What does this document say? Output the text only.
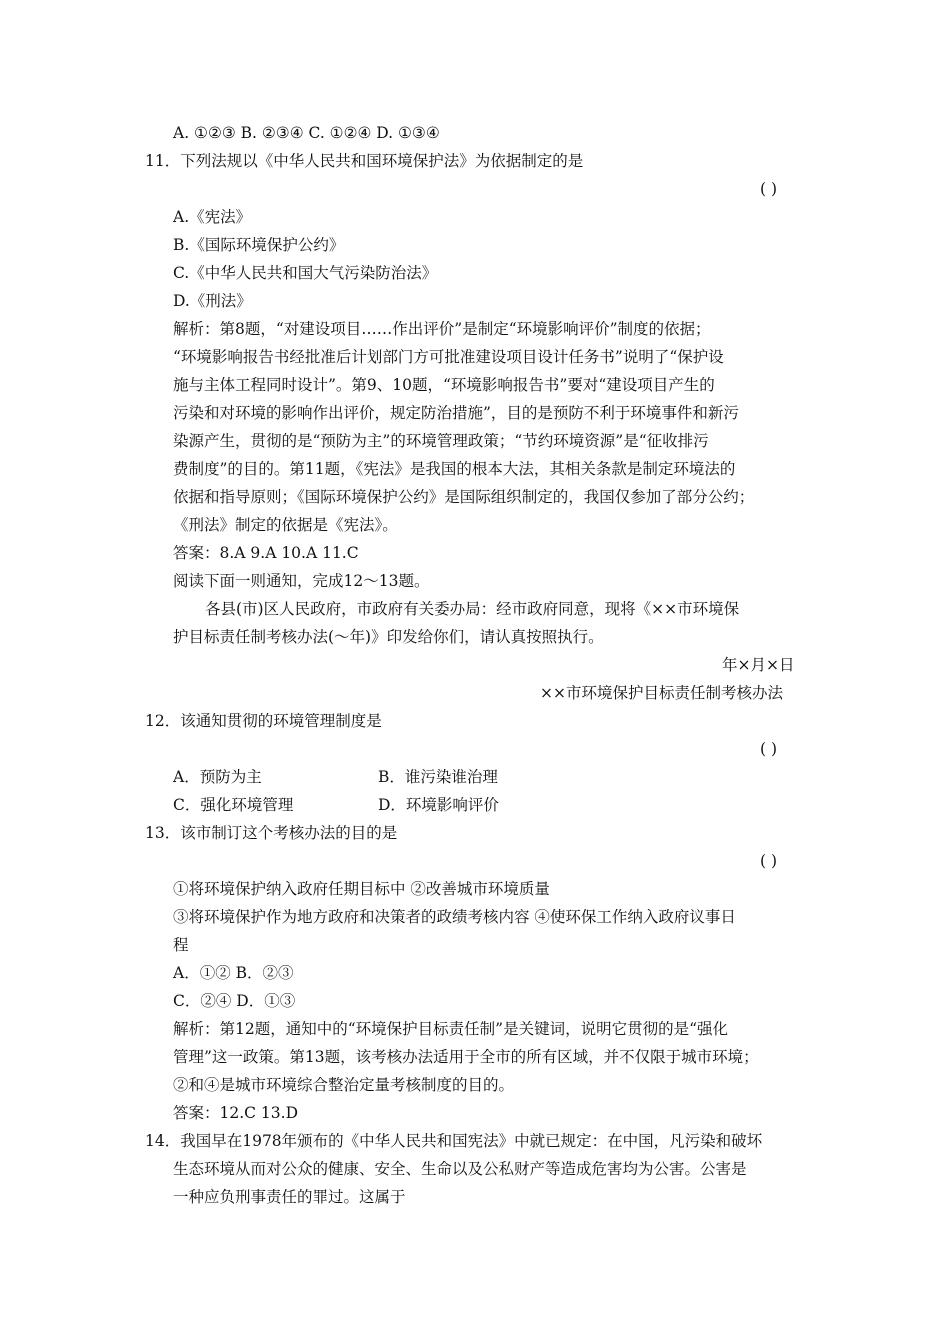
A. ①②③ B. ②③④ C. ①②④ D. ①③④
11．下列法规以《中华人民共和国环境保护法》为依据制定的是
( )
A.《宪法》
B.《国际环境保护公约》
C.《中华人民共和国大气污染防治法》
D.《刑法》
解析：第8题，“对建设项目……作出评价”是制定“环境影响评价”制度的依据；
“环境影响报告书经批准后计划部门方可批准建设项目设计任务书”说明了“保护设
施与主体工程同时设计”。第9、10题，“环境影响报告书”要对“建设项目产生的
污染和对环境的影响作出评价，规定防治措施”，目的是预防不利于环境事件和新污
染源产生，贯彻的是“预防为主”的环境管理政策；“节约环境资源”是“征收排污
费制度”的目的。第11题，《宪法》是我国的根本大法，其相关条款是制定环境法的
依据和指导原则；《国际环境保护公约》是国际组织制定的，我国仅参加了部分公约；
《刑法》制定的依据是《宪法》。
答案：8.A 9.A 10.A 11.C
阅读下面一则通知，完成12～13题。
各县(市)区人民政府，市政府有关委办局：经市政府同意，现将《××市环境保
护目标责任制考核办法(～年)》印发给你们，请认真按照执行。
年×月×日
××市环境保护目标责任制考核办法
12．该通知贯彻的环境管理制度是
( )
A．预防为主	B．谁污染谁治理
C．强化环境管理	D．环境影响评价
13．该市制订这个考核办法的目的是
( )
①将环境保护纳入政府任期目标中 ②改善城市环境质量
③将环境保护作为地方政府和决策者的政绩考核内容 ④使环保工作纳入政府议事日
程
A．①② B．②③
C．②④ D．①③
解析：第12题，通知中的“环境保护目标责任制”是关键词，说明它贯彻的是“强化
管理”这一政策。第13题，该考核办法适用于全市的所有区域，并不仅限于城市环境；
②和④是城市环境综合整治定量考核制度的目的。
答案：12.C 13.D
14．我国早在1978年颁布的《中华人民共和国宪法》中就已规定：在中国，凡污染和破坏
生态环境从而对公众的健康、安全、生命以及公私财产等造成危害均为公害。公害是
一种应负刑事责任的罪过。这属于
